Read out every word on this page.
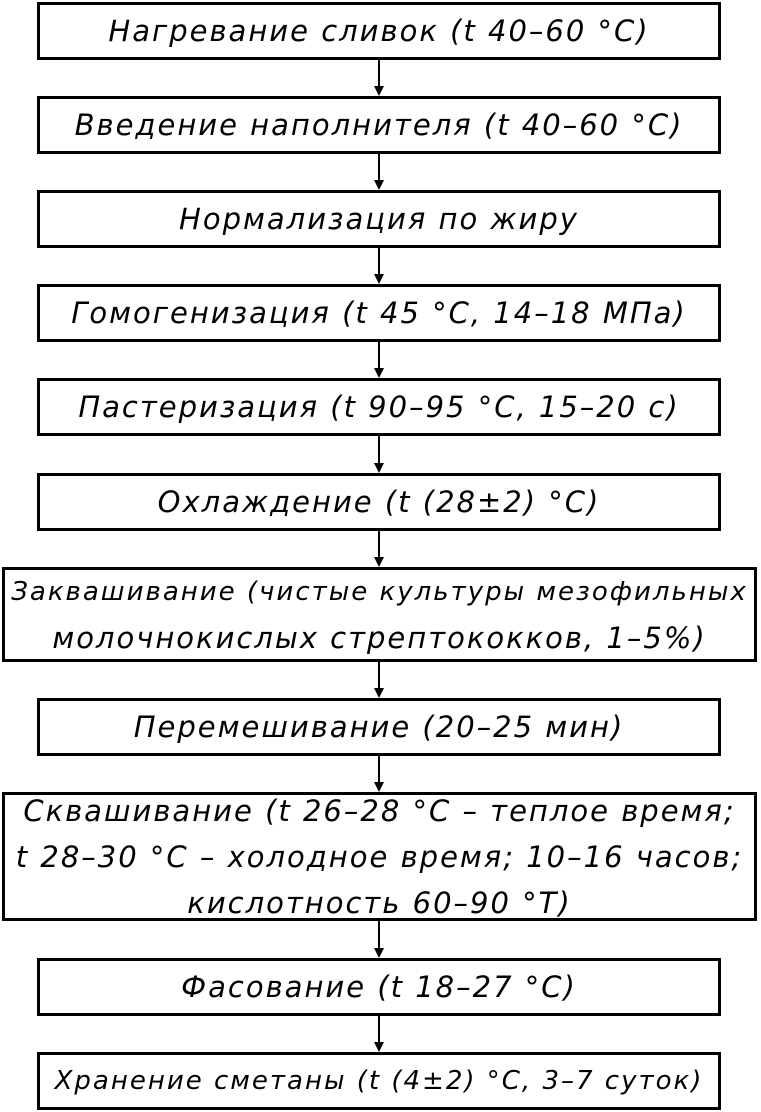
Нагревание сливок (t 40–60 °С)
Введение наполнителя (t 40–60 °С)
Нормализация по жиру
Гомогенизация (t 45 °С, 14–18 МПа)
Пастеризация (t 90–95 °С, 15–20 с)
Охлаждение (t (28±2) °С)
Заквашивание (чистые культуры мезофильных
молочнокислых стрептококков, 1–5%)
Перемешивание (20–25 мин)
Сквашивание (t 26–28 °С – теплое время;
t 28–30 °С – холодное время; 10–16 часов;
кислотность 60–90 °Т)
Фасование (t 18–27 °С)
Хранение сметаны (t (4±2) °С, 3–7 суток)
